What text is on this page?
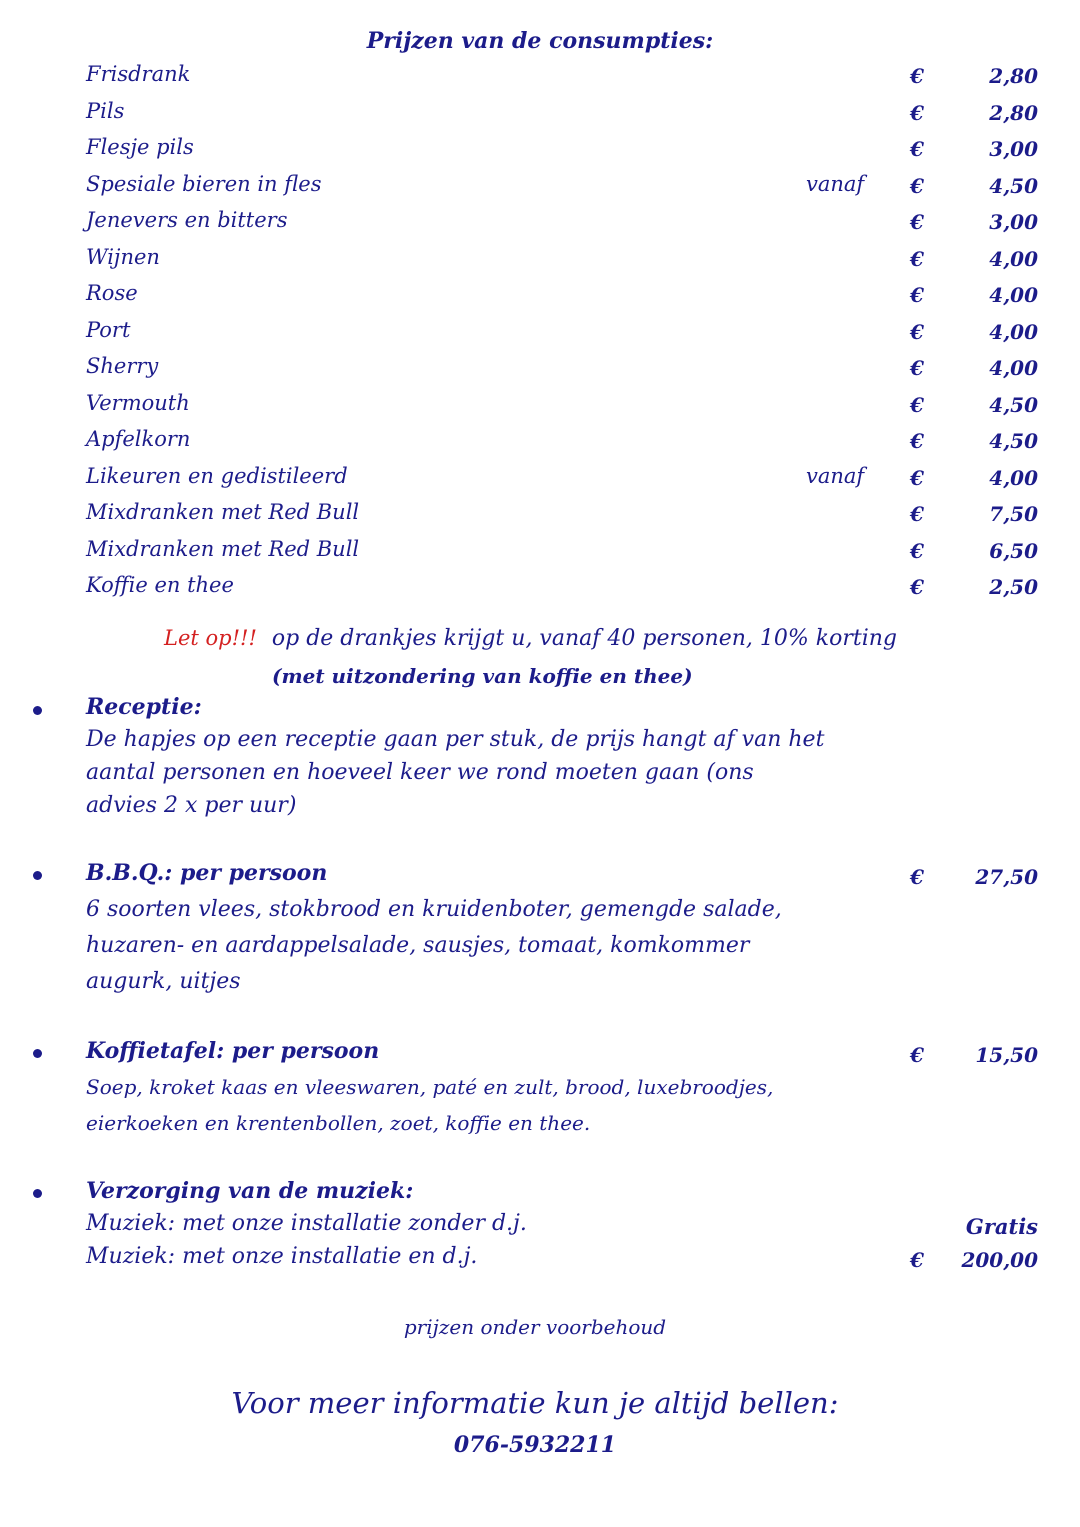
Prijzen van de consumpties:
Frisdrank	€	2,80
Pils	€	2,80
Flesje pils	€	3,00
Spesiale bieren in fles	vanaf €	4,50
Jenevers en bitters	€	3,00
Wijnen	€	4,00
Rose	€	4,00
Port	€	4,00
Sherry	€	4,00
Vermouth	€	4,50
Apfelkorn	€	4,50
Likeuren en gedistileerd	vanaf €	4,00
Mixdranken met Red Bull	€	7,50
Mixdranken met Red Bull	€	6,50
Koffie en thee	€	2,50
Let op!!! op de drankjes krijgt u, vanaf 40 personen, 10% korting
(met uitzondering van koffie en thee)
Receptie:
De hapjes op een receptie gaan per stuk, de prijs hangt af van het
aantal personen en hoeveel keer we rond moeten gaan (ons
advies 2 x per uur)
B.B.Q.: per persoon	€	27,50
6 soorten vlees, stokbrood en kruidenboter, gemengde salade,
huzaren- en aardappelsalade, sausjes, tomaat, komkommer
augurk, uitjes
Koffietafel: per persoon	€	15,50
Soep, kroket kaas en vleeswaren, paté en zult, brood, luxebroodjes,
eierkoeken en krentenbollen, zoet, koffie en thee.
Verzorging van de muziek:
Muziek: met onze installatie zonder d.j.	Gratis
Muziek: met onze installatie en d.j.	€ 200,00
prijzen onder voorbehoud
Voor meer informatie kun je altijd bellen:
076-5932211
